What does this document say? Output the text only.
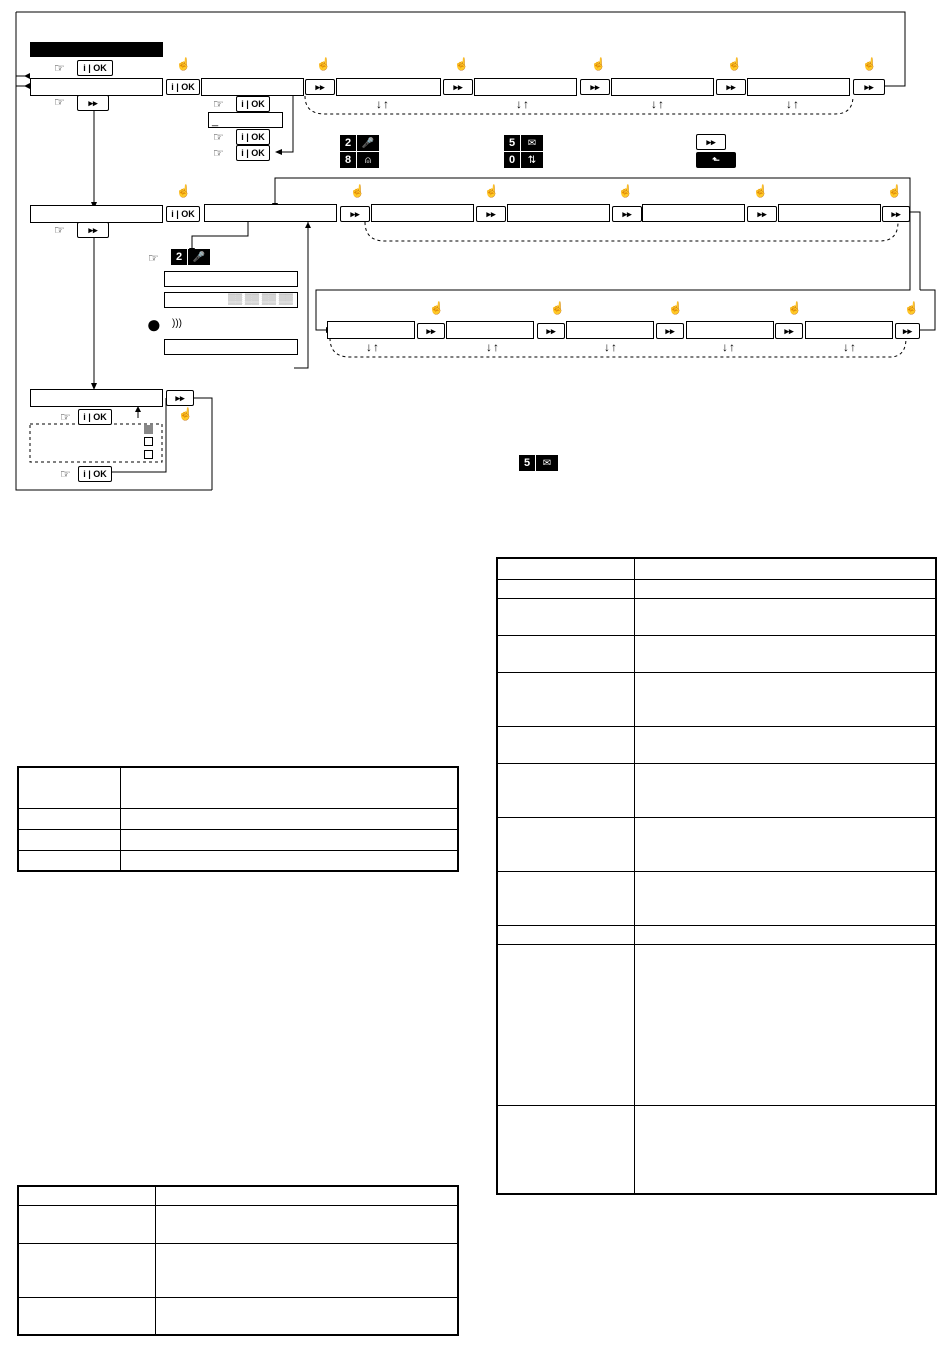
☞	i | OK
i | OK
☝
☞	▸▸	☞	i | OK
_
☞	i | OK
☞	i | OK
▸▸
☝
▸▸
☝
▸▸
☝
▸▸
☝
▸▸
☝
↓↑	↓↑	↓↑	↓↑
2	🎤
8	⍝
5	✉
0	⇅
▸▸
⬑
i | OK
☝
☞	▸▸
▸▸
☝
▸▸
☝
▸▸
☝
▸▸
☝
▸▸
☝
☞	2	🎤
▒▒ ▒▒ ▒▒ ▒▒
● )))
▸▸
☝
▸▸
☝
▸▸
☝
▸▸
☝
▸▸
☝
↓↑	↓↑	↓↑	↓↑	↓↑
▸▸
☝
☞	i | OK
☞	i | OK
5	✉
